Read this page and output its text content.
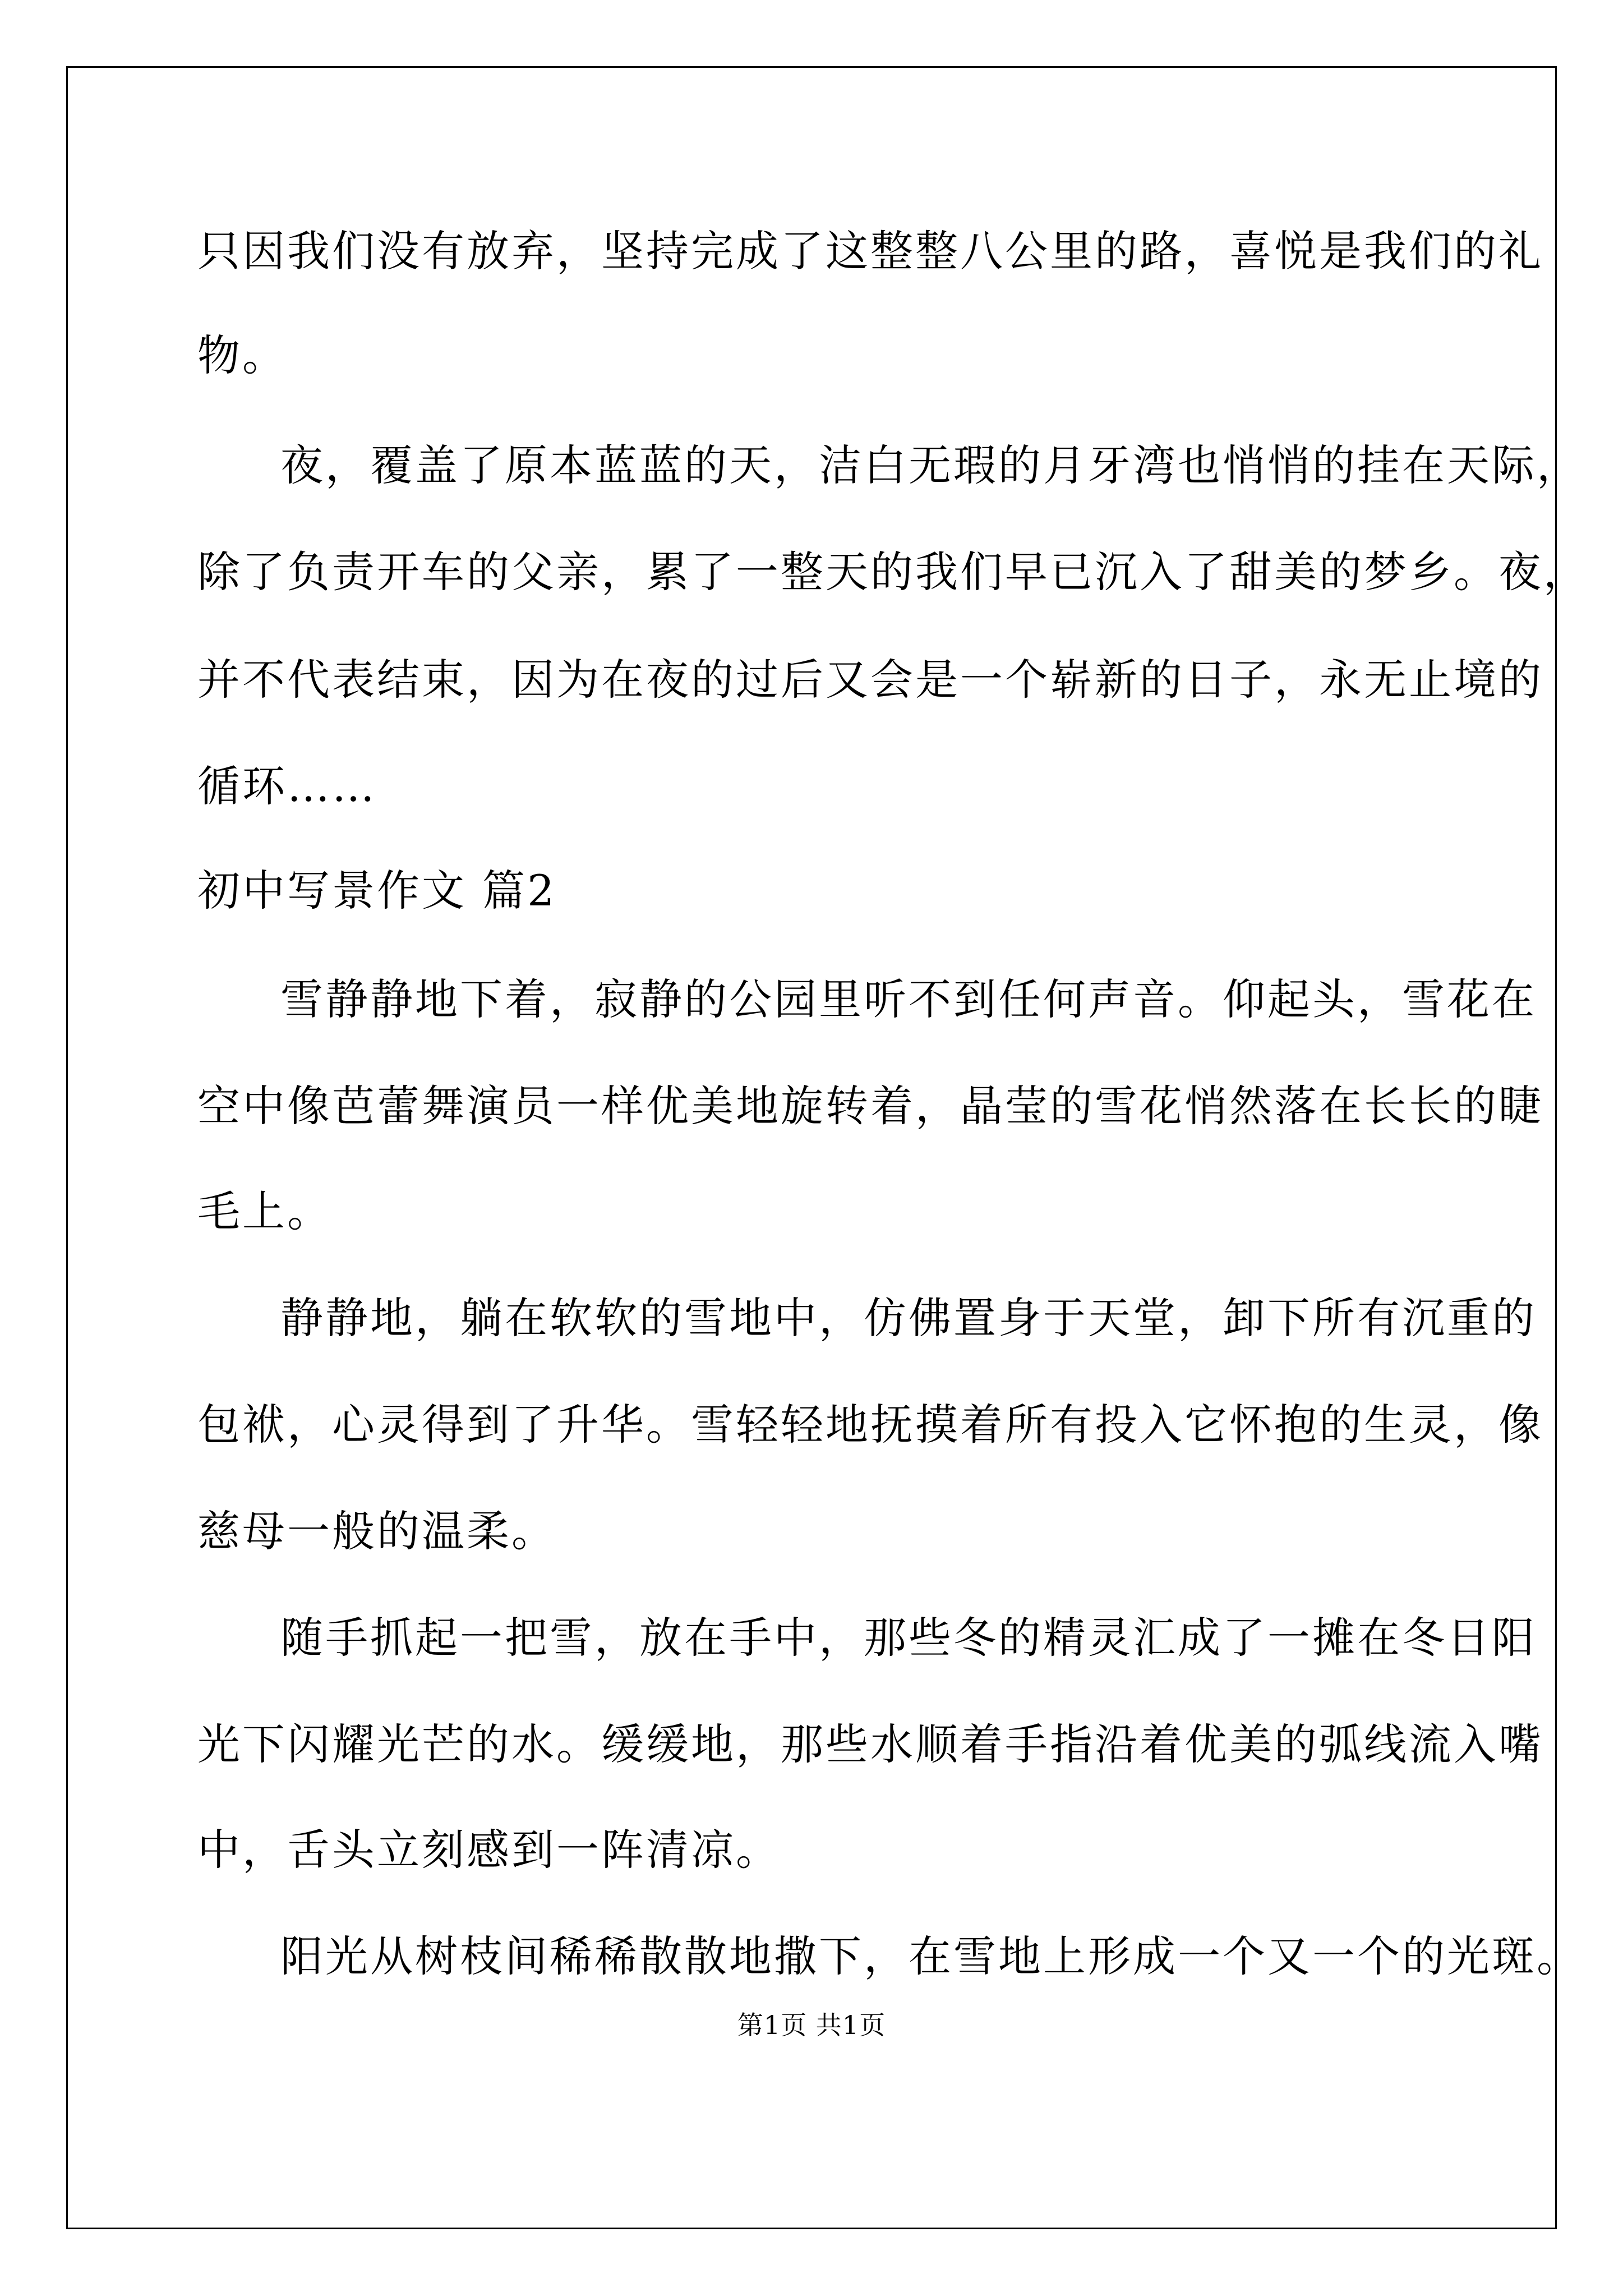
只因我们没有放弃，坚持完成了这整整八公里的路，喜悦是我们的礼
物。
夜，覆盖了原本蓝蓝的天，洁白无瑕的月牙湾也悄悄的挂在天际，
除了负责开车的父亲，累了一整天的我们早已沉入了甜美的梦乡。夜，
并不代表结束，因为在夜的过后又会是一个崭新的日子，永无止境的
循环……
初中写景作文 篇2
雪静静地下着，寂静的公园里听不到任何声音。仰起头，雪花在
空中像芭蕾舞演员一样优美地旋转着，晶莹的雪花悄然落在长长的睫
毛上。
静静地，躺在软软的雪地中，仿佛置身于天堂，卸下所有沉重的
包袱，心灵得到了升华。雪轻轻地抚摸着所有投入它怀抱的生灵，像
慈母一般的温柔。
随手抓起一把雪，放在手中，那些冬的精灵汇成了一摊在冬日阳
光下闪耀光芒的水。缓缓地，那些水顺着手指沿着优美的弧线流入嘴
中，舌头立刻感到一阵清凉。
阳光从树枝间稀稀散散地撒下，在雪地上形成一个又一个的光斑。
第1页 共1页
